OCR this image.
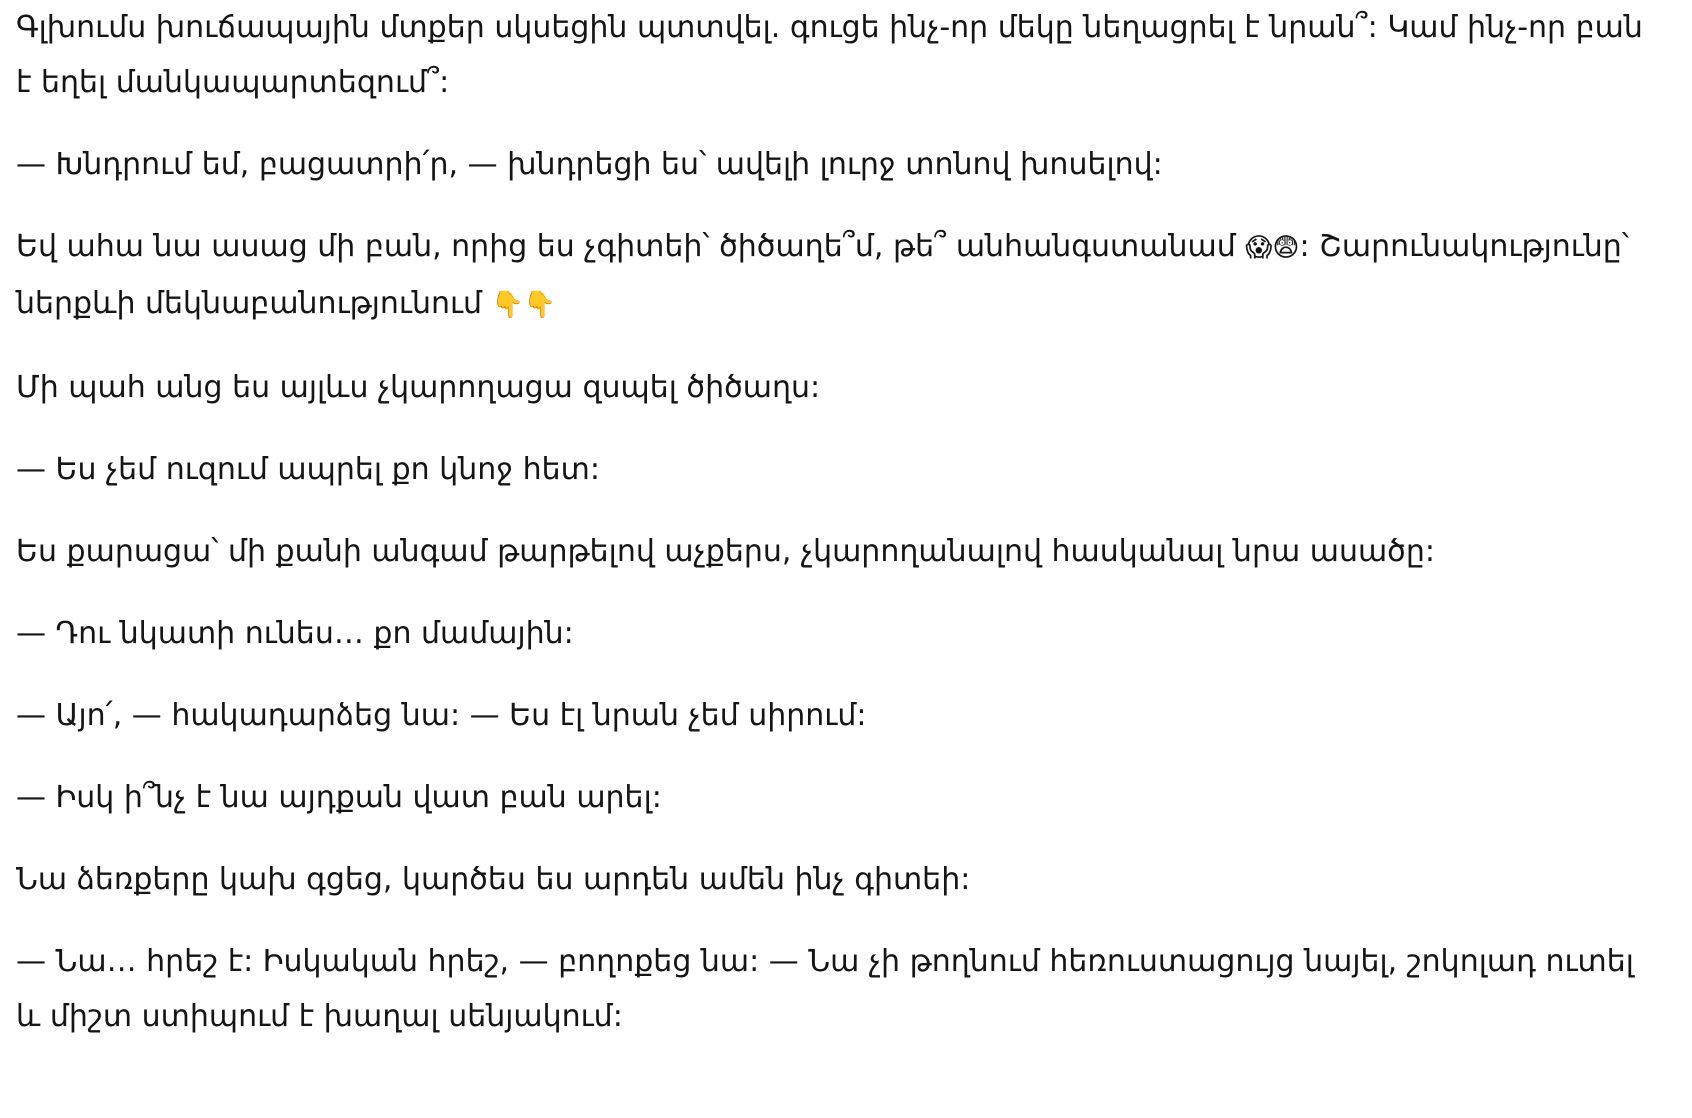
Գլխումս խուճապային մտքեր սկսեցին պտտվել. գուցե ինչ-որ մեկը նեղացրել է նրան՞: Կամ ինչ-որ բան է եղել մանկապարտեզում՞:

— Խնդրում եմ, բացատրի՛ր, — խնդրեցի ես՝ ավելի լուրջ տոնով խոսելով:

Եվ ահա նա ասաց մի բան, որից ես չգիտեի՝ ծիծաղե՞մ, թե՞ անհանգստանամ 😱😨: Շարունակությունը՝ ներքևի մեկնաբանությունում 👇👇

Մի պահ անց ես այլևս չկարողացա զսպել ծիծաղս:

— Ես չեմ ուզում ապրել քո կնոջ հետ:

Ես քարացա՝ մի քանի անգամ թարթելով աչքերս, չկարողանալով հասկանալ նրա ասածը:

— Դու նկատի ունես… քո մամային:

— Այո՛, — հակադարձեց նա: — Ես էլ նրան չեմ սիրում:

— Իսկ ի՞նչ է նա այդքան վատ բան արել:

Նա ձեռքերը կախ գցեց, կարծես ես արդեն ամեն ինչ գիտեի:

— Նա… հրեշ է: Իսկական հրեշ, — բողոքեց նա: — Նա չի թողնում հեռուստացույց նայել, շոկոլադ ուտել և միշտ ստիպում է խաղալ սենյակում:
